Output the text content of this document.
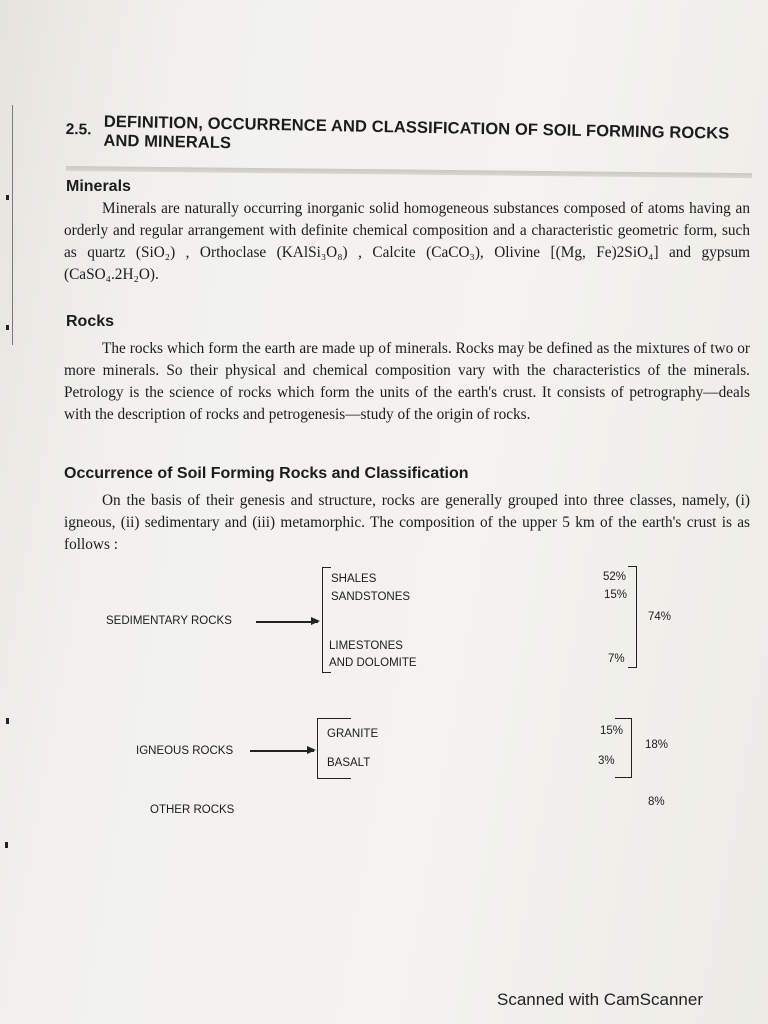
2.5. DEFINITION, OCCURRENCE AND CLASSIFICATION OF SOIL FORMING ROCKS AND MINERALS
Minerals

Minerals are naturally occurring inorganic solid homogeneous substances composed of atoms having an orderly and regular arrangement with definite chemical composition and a characteristic geometric form, such as quartz (SiO₂) , Orthoclase (KAlSi₃O₈) , Calcite (CaCO₃), Olivine [(Mg, Fe)2SiO₄] and gypsum (CaSO₄.2H₂O).

Rocks

The rocks which form the earth are made up of minerals. Rocks may be defined as the mixtures of two or more minerals. So their physical and chemical composition vary with the characteristics of the minerals. Petrology is the science of rocks which form the units of the earth's crust. It consists of petrography—deals with the description of rocks and petrogenesis—study of the origin of rocks.

Occurrence of Soil Forming Rocks and Classification

On the basis of their genesis and structure, rocks are generally grouped into three classes, namely, (i) igneous, (ii) sedimentary and (iii) metamorphic. The composition of the upper 5 km of the earth's crust is as follows :

SEDIMENTARY ROCKS
SHALES
SANDSTONES
LIMESTONES
AND DOLOMITE
52%
15%
7%
74%
IGNEOUS ROCKS
GRANITE
BASALT
15%
3%
18%
OTHER ROCKS
8%
Scanned with CamScanner
